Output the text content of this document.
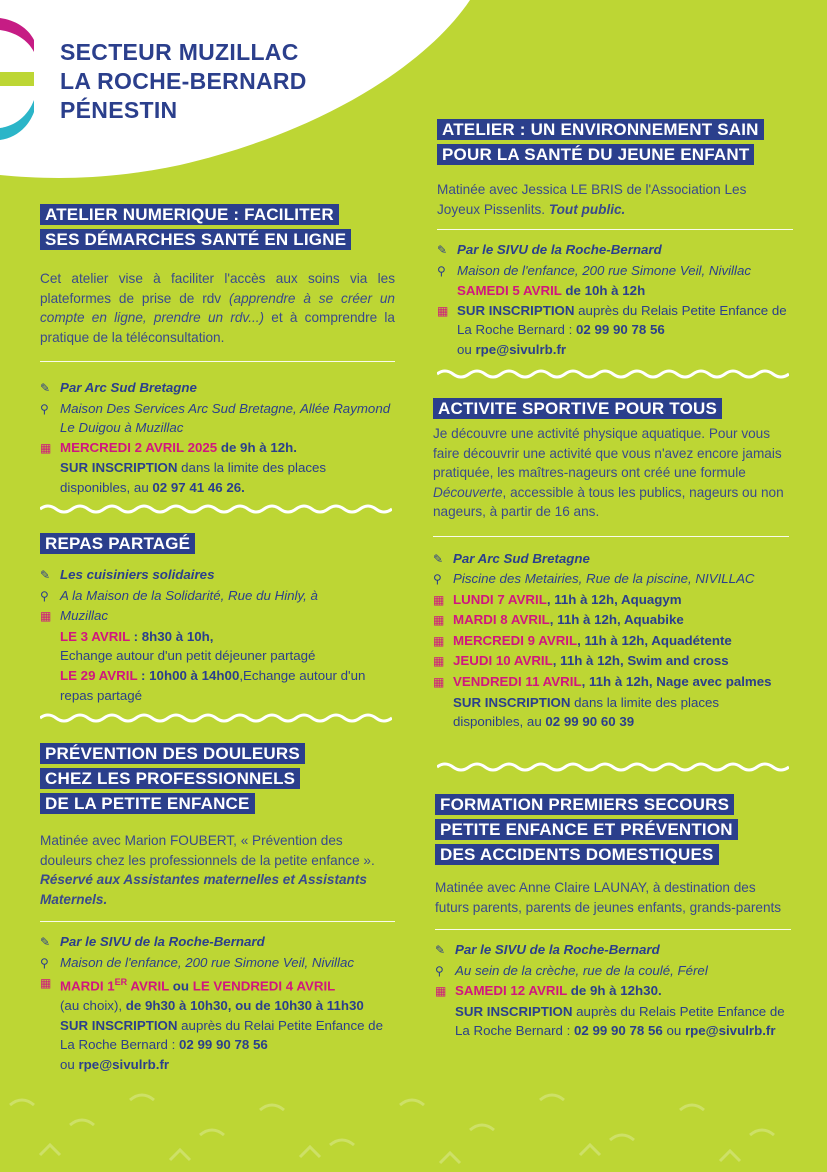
SECTEUR MUZILLAC
LA ROCHE-BERNARD
PÉNESTIN
ATELIER NUMERIQUE : FACILITER
SES DÉMARCHES SANTÉ EN LIGNE
Cet atelier vise à faciliter l'accès aux soins via les plateformes de prise de rdv (apprendre à se créer un compte en ligne, prendre un rdv...) et à comprendre la pratique de la téléconsultation.
✎ Par Arc Sud Bretagne
⚲ Maison Des Services Arc Sud Bretagne, Allée Raymond Le Duigou à Muzillac
▦ MERCREDI 2 AVRIL 2025 de 9h à 12h.
SUR INSCRIPTION dans la limite des places disponibles, au 02 97 41 46 26.
REPAS PARTAGÉ
✎ Les cuisiniers solidaires
⚲ A la Maison de la Solidarité, Rue du Hinly, à
▦ Muzillac
LE 3 AVRIL : 8h30 à 10h,
Echange autour d'un petit déjeuner partagé
LE 29 AVRIL : 10h00 à 14h00,Echange autour d'un repas partagé
PRÉVENTION DES DOULEURS
CHEZ LES PROFESSIONNELS
DE LA PETITE ENFANCE
Matinée avec Marion FOUBERT, « Prévention des douleurs chez les professionnels de la petite enfance ». Réservé aux Assistantes maternelles et Assistants Maternels.
✎ Par le SIVU de la Roche-Bernard
⚲ Maison de l'enfance, 200 rue Simone Veil, Nivillac
▦ MARDI 1ER AVRIL ou LE VENDREDI 4 AVRIL
(au choix), de 9h30 à 10h30, ou de 10h30 à 11h30
SUR INSCRIPTION auprès du Relai Petite Enfance de La Roche Bernard : 02 99 90 78 56
ou rpe@sivulrb.fr
ATELIER : UN ENVIRONNEMENT SAIN
POUR LA SANTÉ DU JEUNE ENFANT
Matinée avec Jessica LE BRIS de l'Association Les Joyeux Pissenlits. Tout public.
✎ Par le SIVU de la Roche-Bernard
⚲ Maison de l'enfance, 200 rue Simone Veil, Nivillac
SAMEDI 5 AVRIL de 10h à 12h
▦ SUR INSCRIPTION auprès du Relais Petite Enfance de La Roche Bernard : 02 99 90 78 56
ou rpe@sivulrb.fr
ACTIVITE SPORTIVE POUR TOUS
Je découvre une activité physique aquatique. Pour vous faire découvrir une activité que vous n'avez encore jamais pratiquée, les maîtres-nageurs ont créé une formule Découverte, accessible à tous les publics, nageurs ou non nageurs, à partir de 16 ans.
✎ Par Arc Sud Bretagne
⚲ Piscine des Metairies, Rue de la piscine, NIVILLAC
▦ LUNDI 7 AVRIL, 11h à 12h, Aquagym
▦ MARDI 8 AVRIL, 11h à 12h, Aquabike
▦ MERCREDI 9 AVRIL, 11h à 12h, Aquadétente
▦ JEUDI 10 AVRIL, 11h à 12h, Swim and cross
▦ VENDREDI 11 AVRIL, 11h à 12h, Nage avec palmes
SUR INSCRIPTION dans la limite des places disponibles, au 02 99 90 60 39
FORMATION PREMIERS SECOURS
PETITE ENFANCE ET PRÉVENTION
DES ACCIDENTS DOMESTIQUES
Matinée avec Anne Claire LAUNAY, à destination des futurs parents, parents de jeunes enfants, grands-parents
✎ Par le SIVU de la Roche-Bernard
⚲ Au sein de la crèche, rue de la coulé, Férel
▦ SAMEDI 12 AVRIL de 9h à 12h30.
SUR INSCRIPTION auprès du Relais Petite Enfance de La Roche Bernard : 02 99 90 78 56 ou rpe@sivulrb.fr
